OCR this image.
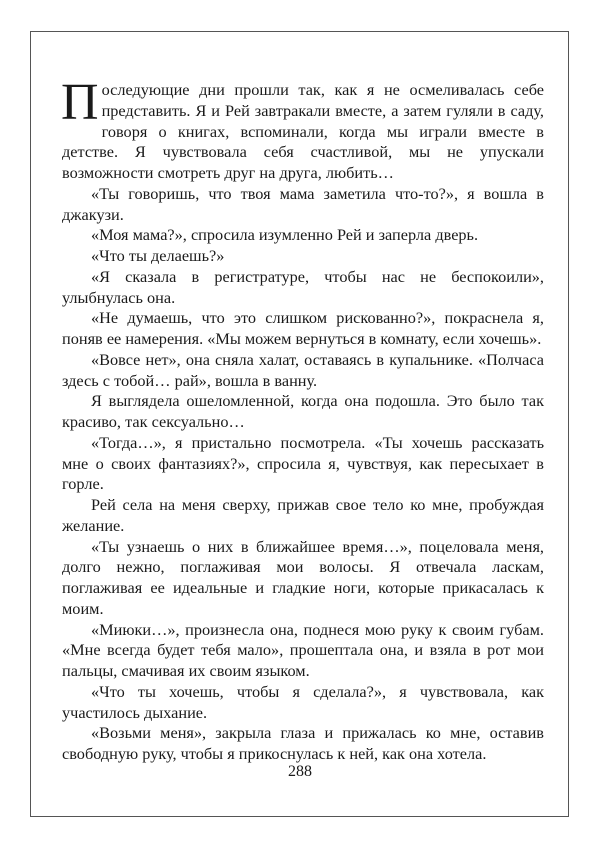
Последующие дни прошли так, как я не осмеливалась себе представить. Я и Рей завтракали вместе, а затем гуляли в саду, говоря о книгах, вспоминали, когда мы играли вместе в детстве. Я чувствовала себя счастливой, мы не упускали возможности смотреть друг на друга, любить…

«Ты говоришь, что твоя мама заметила что-то?», я вошла в джакузи.

«Моя мама?», спросила изумленно Рей и заперла дверь.

«Что ты делаешь?»

«Я сказала в регистратуре, чтобы нас не беспокоили», улыбнулась она.

«Не думаешь, что это слишком рискованно?», покраснела я, поняв ее намерения. «Мы можем вернуться в комнату, если хочешь».

«Вовсе нет», она сняла халат, оставаясь в купальнике. «Полчаса здесь с тобой… рай», вошла в ванну.

Я выглядела ошеломленной, когда она подошла. Это было так красиво, так сексуально…

«Тогда…», я пристально посмотрела. «Ты хочешь рассказать мне о своих фантазиях?», спросила я, чувствуя, как пересыхает в горле.

Рей села на меня сверху, прижав свое тело ко мне, пробуждая желание.

«Ты узнаешь о них в ближайшее время…», поцеловала меня, долго нежно, поглаживая мои волосы. Я отвечала ласкам, поглаживая ее идеальные и гладкие ноги, которые прикасалась к моим.

«Миюки…», произнесла она, поднеся мою руку к своим губам. «Мне всегда будет тебя мало», прошептала она, и взяла в рот мои пальцы, смачивая их своим языком.

«Что ты хочешь, чтобы я сделала?», я чувствовала, как участилось дыхание.

«Возьми меня», закрыла глаза и прижалась ко мне, оставив свободную руку, чтобы я прикоснулась к ней, как она хотела.

288
